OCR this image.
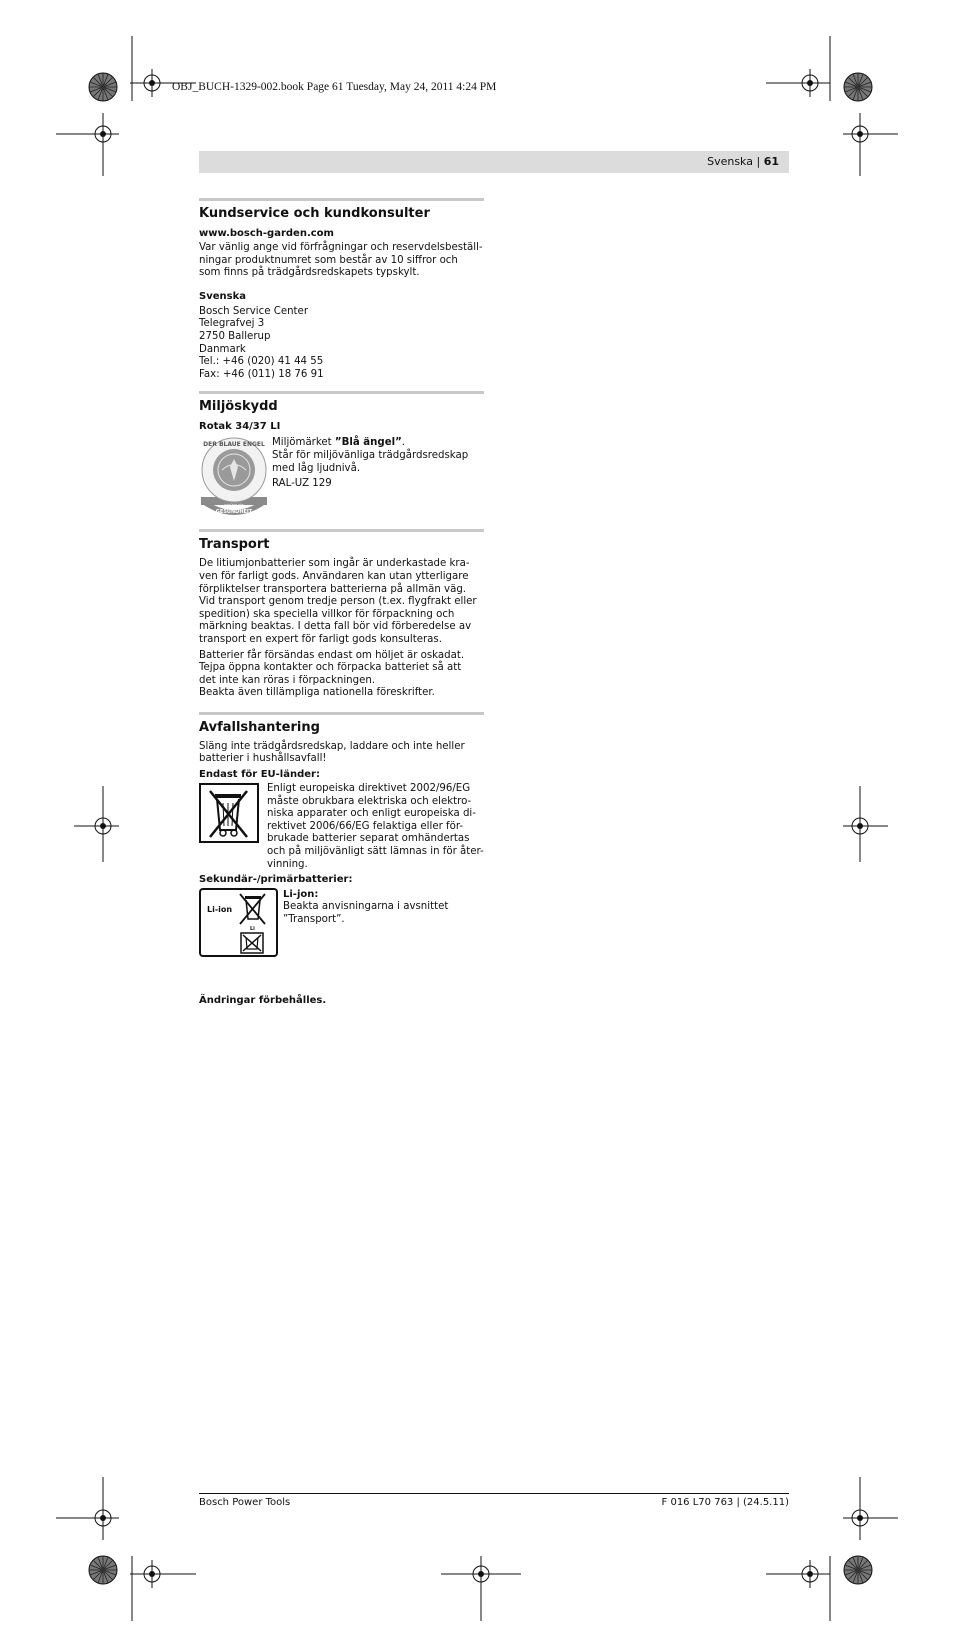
OBJ_BUCH-1329-002.book Page 61 Tuesday, May 24, 2011 4:24 PM
Svenska | 61
Kundservice och kundkonsulter
www.bosch-garden.com
Var vänlig ange vid förfrågningar och reservdelsbeställ-
ningar produktnumret som består av 10 siffror och
som finns på trädgårdsredskapets typskylt.
Svenska
Bosch Service Center
Telegrafvej 3
2750 Ballerup
Danmark
Tel.: +46 (020) 41 44 55
Fax: +46 (011) 18 76 91
Miljöskydd
Rotak 34/37 LI
DER BLAUE ENGEL
schützt die
GESUNDHEIT
Miljömärket ”Blå ängel”.
Står för miljövänliga trädgårdsredskap
med låg ljudnivå.
RAL-UZ 129
Transport
De litiumjonbatterier som ingår är underkastade kra-
ven för farligt gods. Användaren kan utan ytterligare
förpliktelser transportera batterierna på allmän väg.
Vid transport genom tredje person (t.ex. flygfrakt eller
spedition) ska speciella villkor för förpackning och
märkning beaktas. I detta fall bör vid förberedelse av
transport en expert för farligt gods konsulteras.
Batterier får försändas endast om höljet är oskadat.
Tejpa öppna kontakter och förpacka batteriet så att
det inte kan röras i förpackningen.
Beakta även tillämpliga nationella föreskrifter.
Avfallshantering
Släng inte trädgårdsredskap, laddare och inte heller
batterier i hushållsavfall!
Endast för EU-länder:
Enligt europeiska direktivet 2002/96/EG
måste obrukbara elektriska och elektro-
niska apparater och enligt europeiska di-
rektivet 2006/66/EG felaktiga eller för-
brukade batterier separat omhändertas
och på miljövänligt sätt lämnas in för åter-
vinning.
Sekundär-/primärbatterier:
Li-ion
Li
Li-jon:
Beakta anvisningarna i avsnittet
”Transport”.
Ändringar förbehålles.
Bosch Power Tools	F 016 L70 763 | (24.5.11)
